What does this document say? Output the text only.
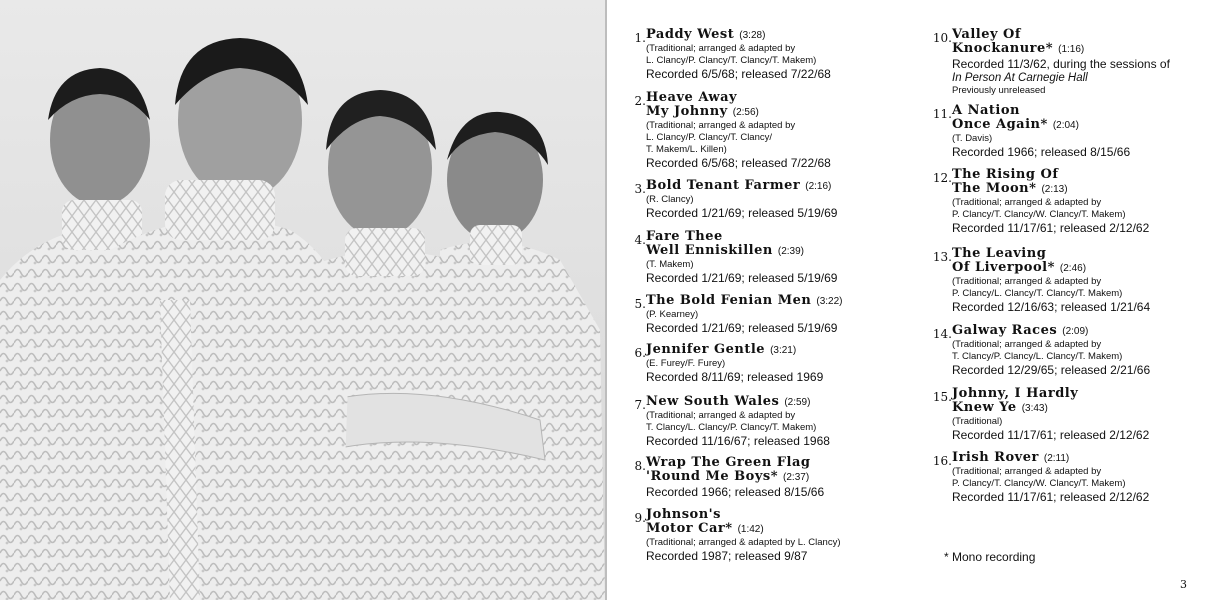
1. Paddy West (3:28)
(Traditional; arranged & adapted by
L. Clancy/P. Clancy/T. Clancy/T. Makem)
Recorded 6/5/68; released 7/22/68
2. Heave Away
My Johnny (2:56)
(Traditional; arranged & adapted by
L. Clancy/P. Clancy/T. Clancy/
T. Makem/L. Killen)
Recorded 6/5/68; released 7/22/68
3. Bold Tenant Farmer (2:16)
(R. Clancy)
Recorded 1/21/69; released 5/19/69
4. Fare Thee
Well Enniskillen (2:39)
(T. Makem)
Recorded 1/21/69; released 5/19/69
5. The Bold Fenian Men (3:22)
(P. Kearney)
Recorded 1/21/69; released 5/19/69
6. Jennifer Gentle (3:21)
(E. Furey/F. Furey)
Recorded 8/11/69; released 1969
7. New South Wales (2:59)
(Traditional; arranged & adapted by
T. Clancy/L. Clancy/P. Clancy/T. Makem)
Recorded 11/16/67; released 1968
8. Wrap The Green Flag
'Round Me Boys* (2:37)
Recorded 1966; released 8/15/66
9. Johnson's
Motor Car* (1:42)
(Traditional; arranged & adapted by L. Clancy)
Recorded 1987; released 9/87
10. Valley Of
Knockanure* (1:16)
Recorded 11/3/62, during the sessions of
In Person At Carnegie Hall
Previously unreleased
11. A Nation
Once Again* (2:04)
(T. Davis)
Recorded 1966; released 8/15/66
12. The Rising Of
The Moon* (2:13)
(Traditional; arranged & adapted by
P. Clancy/T. Clancy/W. Clancy/T. Makem)
Recorded 11/17/61; released 2/12/62
13. The Leaving
Of Liverpool* (2:46)
(Traditional; arranged & adapted by
P. Clancy/L. Clancy/T. Clancy/T. Makem)
Recorded 12/16/63; released 1/21/64
14. Galway Races (2:09)
(Traditional; arranged & adapted by
T. Clancy/P. Clancy/L. Clancy/T. Makem)
Recorded 12/29/65; released 2/21/66
15. Johnny, I Hardly
Knew Ye (3:43)
(Traditional)
Recorded 11/17/61; released 2/12/62
16. Irish Rover (2:11)
(Traditional; arranged & adapted by
P. Clancy/T. Clancy/W. Clancy/T. Makem)
Recorded 11/17/61; released 2/12/62
* Mono recording
3
